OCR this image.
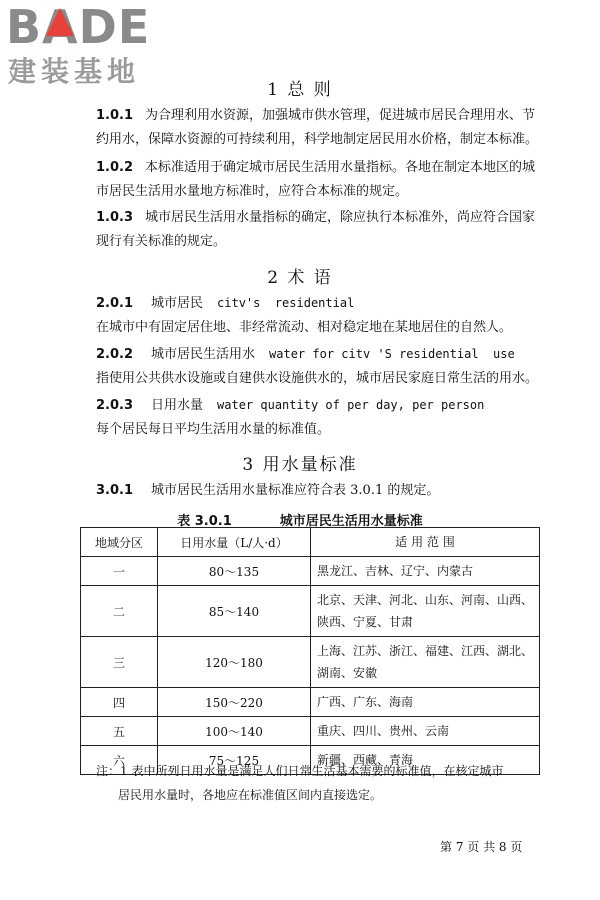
BADE
建装基地
1 总 则
1.0.1 为合理利用水资源，加强城市供水管理，促进城市居民合理用水、节约用水，保障水资源的可持续利用，科学地制定居民用水价格，制定本标准。
1.0.2 本标准适用于确定城市居民生活用水量指标。各地在制定本地区的城市居民生活用水量地方标准时，应符合本标准的规定。
1.0.3 城市居民生活用水量指标的确定，除应执行本标准外，尚应符合国家现行有关标准的规定。
2 术 语
2.0.1 城市居民 citv's  residential
在城市中有固定居住地、非经常流动、相对稳定地在某地居住的自然人。
2.0.2 城市居民生活用水 water for citv 'S residential  use
指使用公共供水设施或自建供水设施供水的，城市居民家庭日常生活的用水。
2.0.3 日用水量 water quantity of per day, per person
每个居民每日平均生活用水量的标准值。
3 用水量标准
3.0.1 城市居民生活用水量标准应符合表 3.0.1 的规定。
表 3.0.1	城市居民生活用水量标准
地域分区	日用水量（L/人·d）	适 用 范 围
一	80～135	黑龙江、吉林、辽宁、内蒙古
二	85～140	北京、天津、河北、山东、河南、山西、陕西、宁夏、甘肃
三	120～180	上海、江苏、浙江、福建、江西、湖北、湖南、安徽
四	150～220	广西、广东、海南
五	100～140	重庆、四川、贵州、云南
六	75～125	新疆、西藏、青海
注：1 表中所列日用水量是满足人们日常生活基本需要的标准值，在核定城市
居民用水量时，各地应在标准值区间内直接选定。
第 7 页 共 8 页
